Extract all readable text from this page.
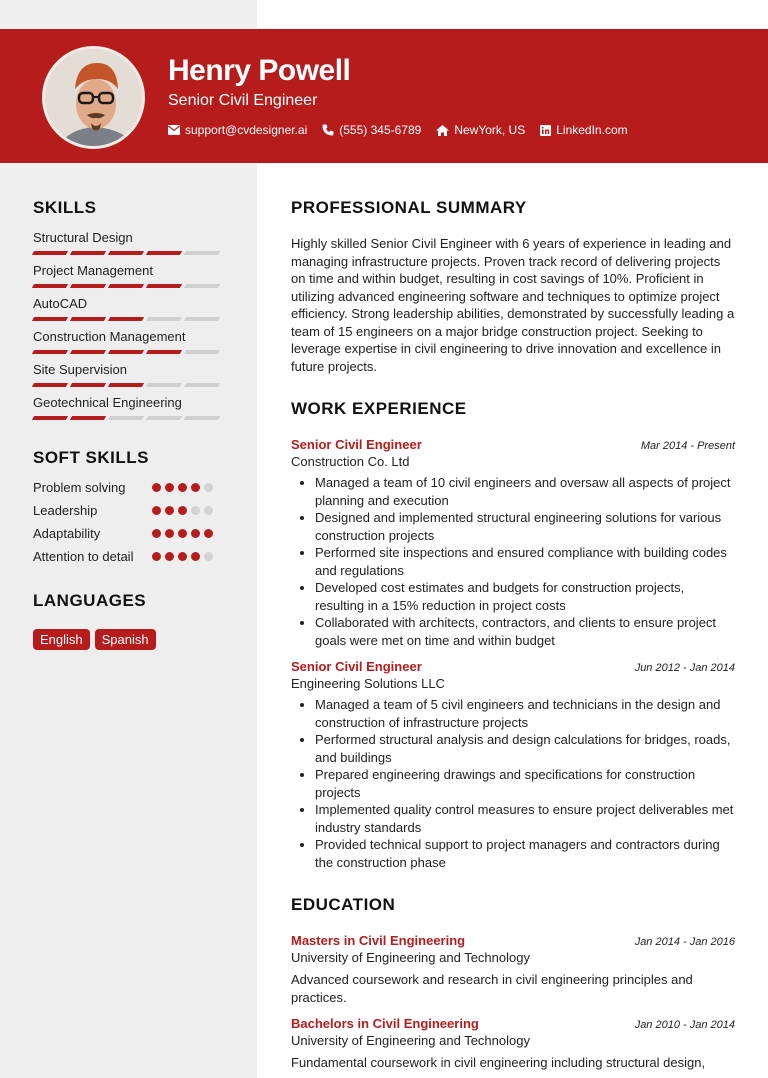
Henry Powell
Senior Civil Engineer
support@cvdesigner.ai	(555) 345-6789	NewYork, US	LinkedIn.com
SKILLS
Structural Design
Project Management
AutoCAD
Construction Management
Site Supervision
Geotechnical Engineering
SOFT SKILLS
Problem solving
Leadership
Adaptability
Attention to detail
LANGUAGES
English	Spanish
PROFESSIONAL SUMMARY

Highly skilled Senior Civil Engineer with 6 years of experience in leading and managing infrastructure projects. Proven track record of delivering projects on time and within budget, resulting in cost savings of 10%. Proficient in utilizing advanced engineering software and techniques to optimize project efficiency. Strong leadership abilities, demonstrated by successfully leading a team of 15 engineers on a major bridge construction project. Seeking to leverage expertise in civil engineering to drive innovation and excellence in future projects.

WORK EXPERIENCE
Senior Civil Engineer	Mar 2014 - Present
Construction Co. Ltd
• Managed a team of 10 civil engineers and oversaw all aspects of project planning and execution
• Designed and implemented structural engineering solutions for various construction projects
• Performed site inspections and ensured compliance with building codes and regulations
• Developed cost estimates and budgets for construction projects, resulting in a 15% reduction in project costs
• Collaborated with architects, contractors, and clients to ensure project goals were met on time and within budget
Senior Civil Engineer	Jun 2012 - Jan 2014
Engineering Solutions LLC
• Managed a team of 5 civil engineers and technicians in the design and construction of infrastructure projects
• Performed structural analysis and design calculations for bridges, roads, and buildings
• Prepared engineering drawings and specifications for construction projects
• Implemented quality control measures to ensure project deliverables met industry standards
• Provided technical support to project managers and contractors during the construction phase
EDUCATION
Masters in Civil Engineering	Jan 2014 - Jan 2016
University of Engineering and Technology

Advanced coursework and research in civil engineering principles and practices.

Bachelors in Civil Engineering	Jan 2010 - Jan 2014
University of Engineering and Technology

Fundamental coursework in civil engineering including structural design,
